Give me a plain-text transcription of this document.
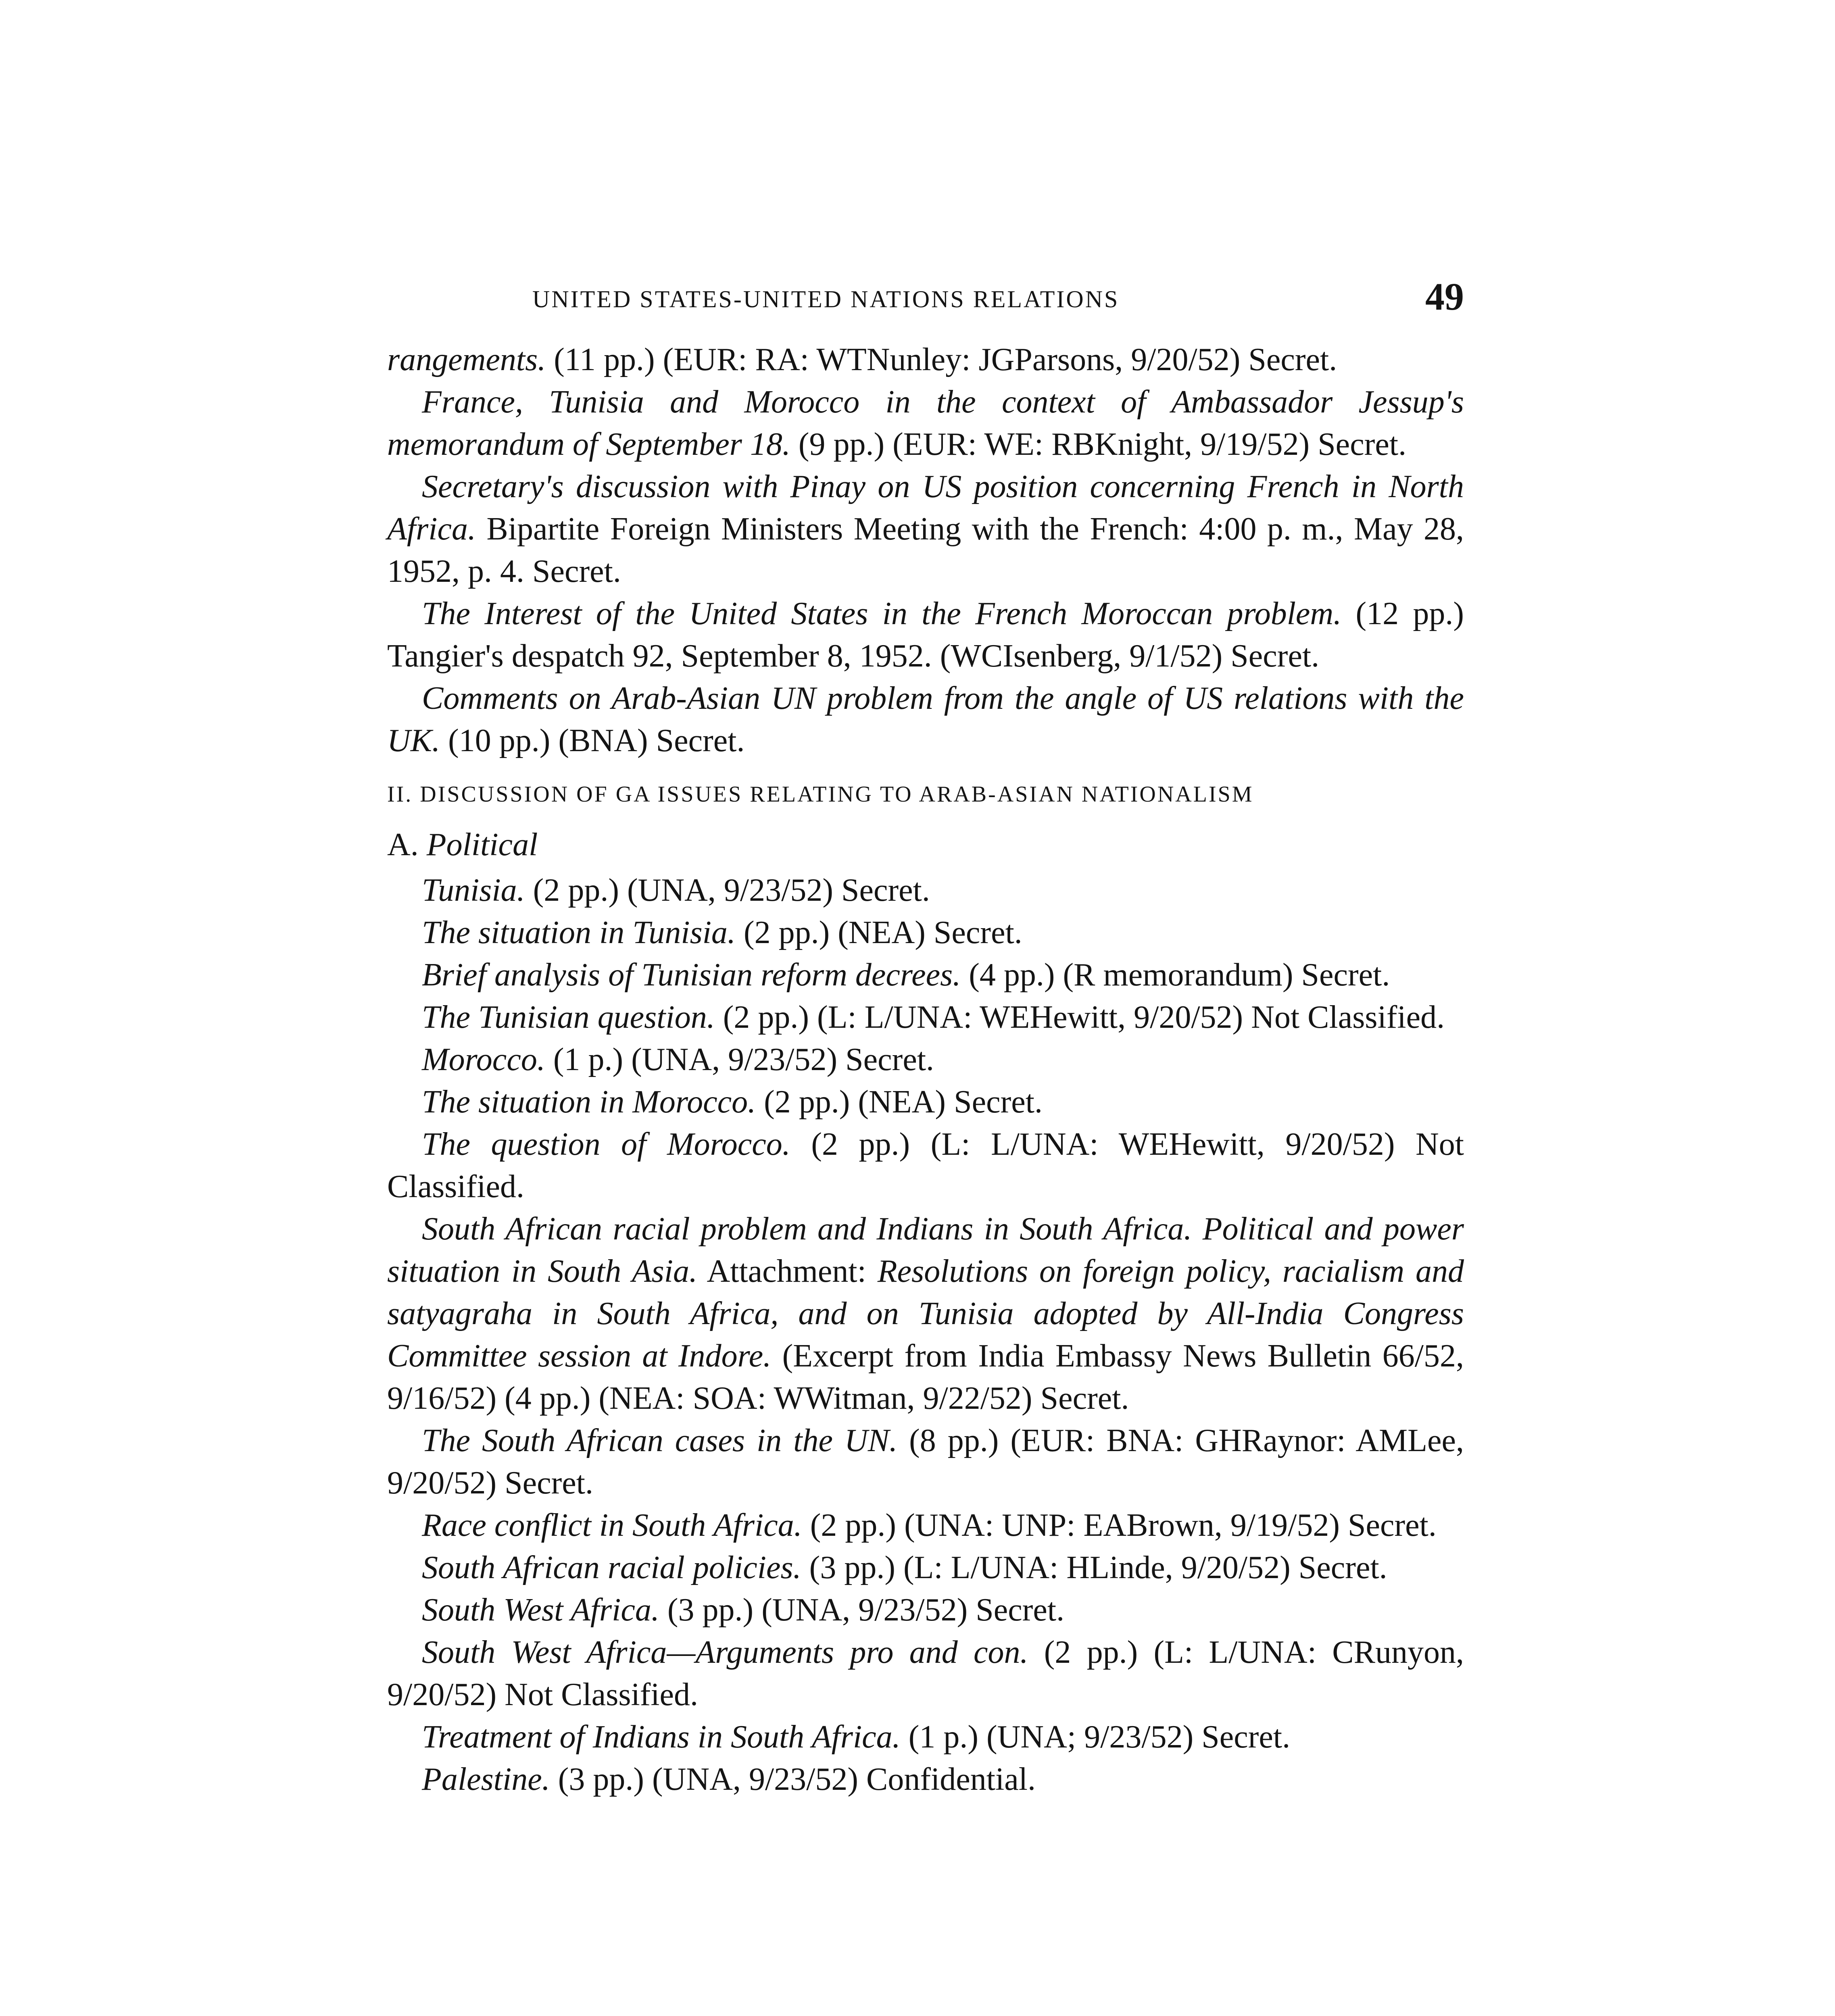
UNITED STATES-UNITED NATIONS RELATIONS	49

rangements. (11 pp.) (EUR: RA: WTNunley: JGParsons, 9/20/52) Secret.

France, Tunisia and Morocco in the context of Ambassador Jessup's memorandum of September 18. (9 pp.) (EUR: WE: RBKnight, 9/19/52) Secret.

Secretary's discussion with Pinay on US position concerning French in North Africa. Bipartite Foreign Ministers Meeting with the French: 4:00 p. m., May 28, 1952, p. 4. Secret.

The Interest of the United States in the French Moroccan problem. (12 pp.) Tangier's despatch 92, September 8, 1952. (WCIsenberg, 9/1/52) Secret.

Comments on Arab-Asian UN problem from the angle of US relations with the UK. (10 pp.) (BNA) Secret.

II. DISCUSSION OF GA ISSUES RELATING TO ARAB-ASIAN NATIONALISM
A. Political

Tunisia. (2 pp.) (UNA, 9/23/52) Secret.

The situation in Tunisia. (2 pp.) (NEA) Secret.

Brief analysis of Tunisian reform decrees. (4 pp.) (R memorandum) Secret.

The Tunisian question. (2 pp.) (L: L/UNA: WEHewitt, 9/20/52) Not Classified.

Morocco. (1 p.) (UNA, 9/23/52) Secret.

The situation in Morocco. (2 pp.) (NEA) Secret.

The question of Morocco. (2 pp.) (L: L/UNA: WEHewitt, 9/20/52) Not Classified.

South African racial problem and Indians in South Africa. Political and power situation in South Asia. Attachment: Resolutions on foreign policy, racialism and satyagraha in South Africa, and on Tunisia adopted by All-India Congress Committee session at Indore. (Excerpt from India Embassy News Bulletin 66/52, 9/16/52) (4 pp.) (NEA: SOA: WWitman, 9/22/52) Secret.

The South African cases in the UN. (8 pp.) (EUR: BNA: GHRaynor: AMLee, 9/20/52) Secret.

Race conflict in South Africa. (2 pp.) (UNA: UNP: EABrown, 9/19/52) Secret.

South African racial policies. (3 pp.) (L: L/UNA: HLinde, 9/20/52) Secret.

South West Africa. (3 pp.) (UNA, 9/23/52) Secret.

South West Africa—Arguments pro and con. (2 pp.) (L: L/UNA: CRunyon, 9/20/52) Not Classified.

Treatment of Indians in South Africa. (1 p.) (UNA; 9/23/52) Secret.

Palestine. (3 pp.) (UNA, 9/23/52) Confidential.
